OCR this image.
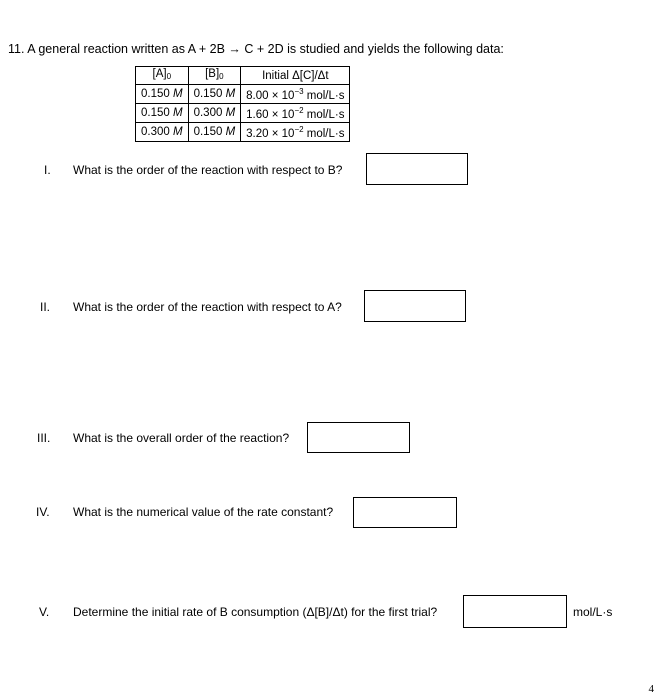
11. A general reaction written as A + 2B → C + 2D is studied and yields the following data:
$[A]_0$	$[B]_0$	Initial Δ[C]/Δt
0.150 M	0.150 M	$8.00 \times 10^{-3}$ mol/L·s
0.150 M	0.300 M	$1.60 \times 10^{-2}$ mol/L·s
0.300 M	0.150 M	$3.20 \times 10^{-2}$ mol/L·s
I. What is the order of the reaction with respect to B?
II. What is the order of the reaction with respect to A?
III. What is the overall order of the reaction?
IV. What is the numerical value of the rate constant?
V. Determine the initial rate of B consumption (Δ[B]/Δt) for the first trial?	mol/L·s
4
